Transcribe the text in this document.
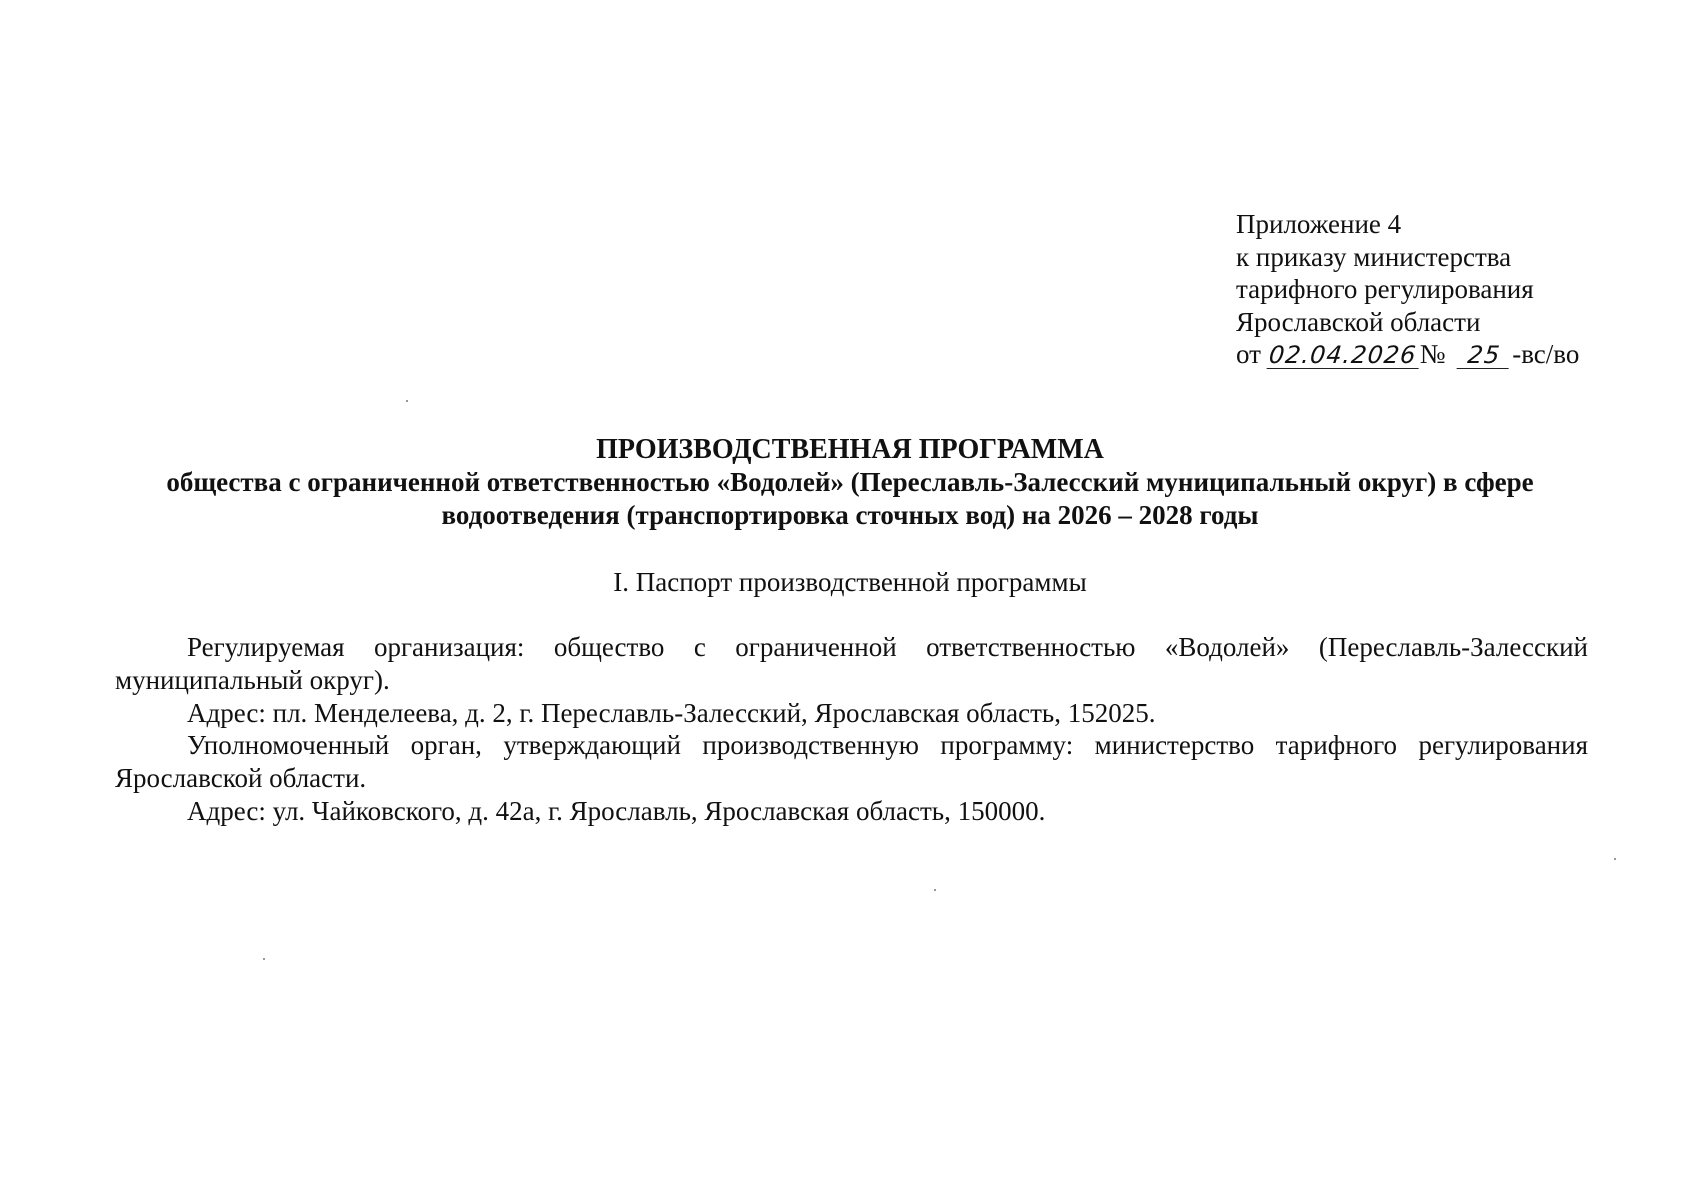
Приложение 4
к приказу министерства
тарифного регулирования
Ярославской области
от 02.04.2026№ 25 -вс/во
ПРОИЗВОДСТВЕННАЯ ПРОГРАММА
общества с ограниченной ответственностью «Водолей» (Переславль-Залесский муниципальный округ) в сфере
водоотведения (транспортировка сточных вод) на 2026 – 2028 годы
I. Паспорт производственной программы

Регулируемая организация: общество с ограниченной ответственностью «Водолей» (Переславль-Залесский муниципальный округ).

Адрес: пл. Менделеева, д. 2, г. Переславль-Залесский, Ярославская область, 152025.

Уполномоченный орган, утверждающий производственную программу: министерство тарифного регулирования Ярославской области.

Адрес: ул. Чайковского, д. 42а, г. Ярославль, Ярославская область, 150000.
